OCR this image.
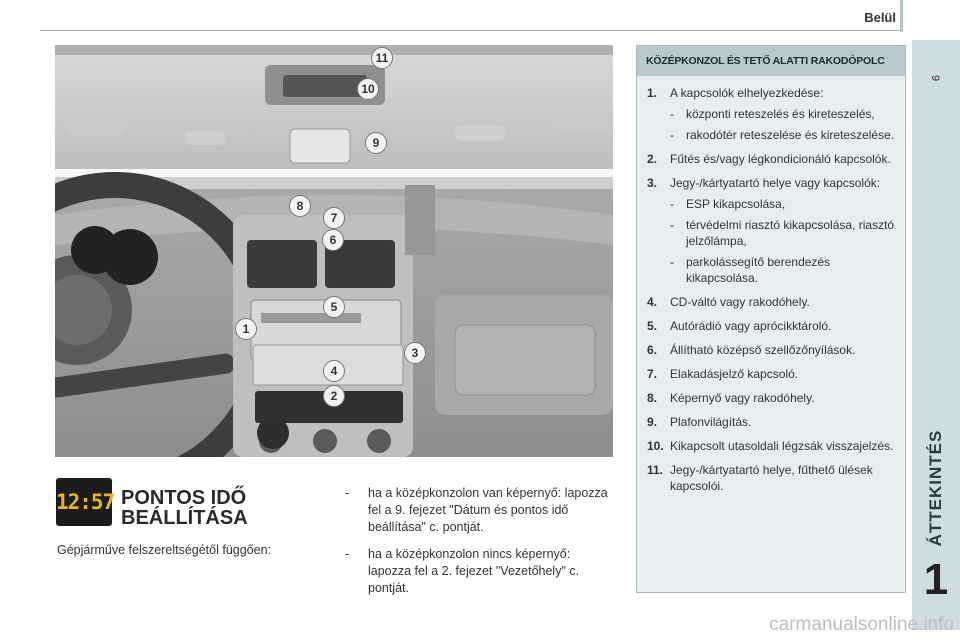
Belül
9
ÁTTEKINTÉS
1
11
10
9
8
7
6
5
1
3
4
2
12:57 PONTOS IDŐ
BEÁLLÍTÁSA
Gépjárműve felszereltségétől függően:
- ha a középkonzolon van képernyő: lapozza fel a 9. fejezet "Dátum és pontos idő beállítása" c. pontját.
- ha a középkonzolon nincs képernyő: lapozza fel a 2. fejezet "Vezetőhely" c. pontját.
KÖZÉPKONZOL ÉS TETŐ ALATTI RAKODÓPOLC
1. A kapcsolók elhelyezkedése:
- központi reteszelés és kireteszelés,
- rakodótér reteszelése és kireteszelése.
2. Fűtés és/vagy légkondicionáló kapcsolók.
3. Jegy-/kártyatartó helye vagy kapcsolók:
- ESP kikapcsolása,
- térvédelmi riasztó kikapcsolása, riasztó jelzőlámpa,
- parkolássegítő berendezés kikapcsolása.
4. CD-váltó vagy rakodóhely.
5. Autórádió vagy aprócikktároló.
6. Állítható középső szellőzőnyílások.
7. Elakadásjelző kapcsoló.
8. Képernyő vagy rakodóhely.
9. Plafonvilágítás.
10. Kikapcsolt utasoldali légzsák visszajelzés.
11. Jegy-/kártyatartó helye, fűthető ülések kapcsolói.
carmanualsonline.info
